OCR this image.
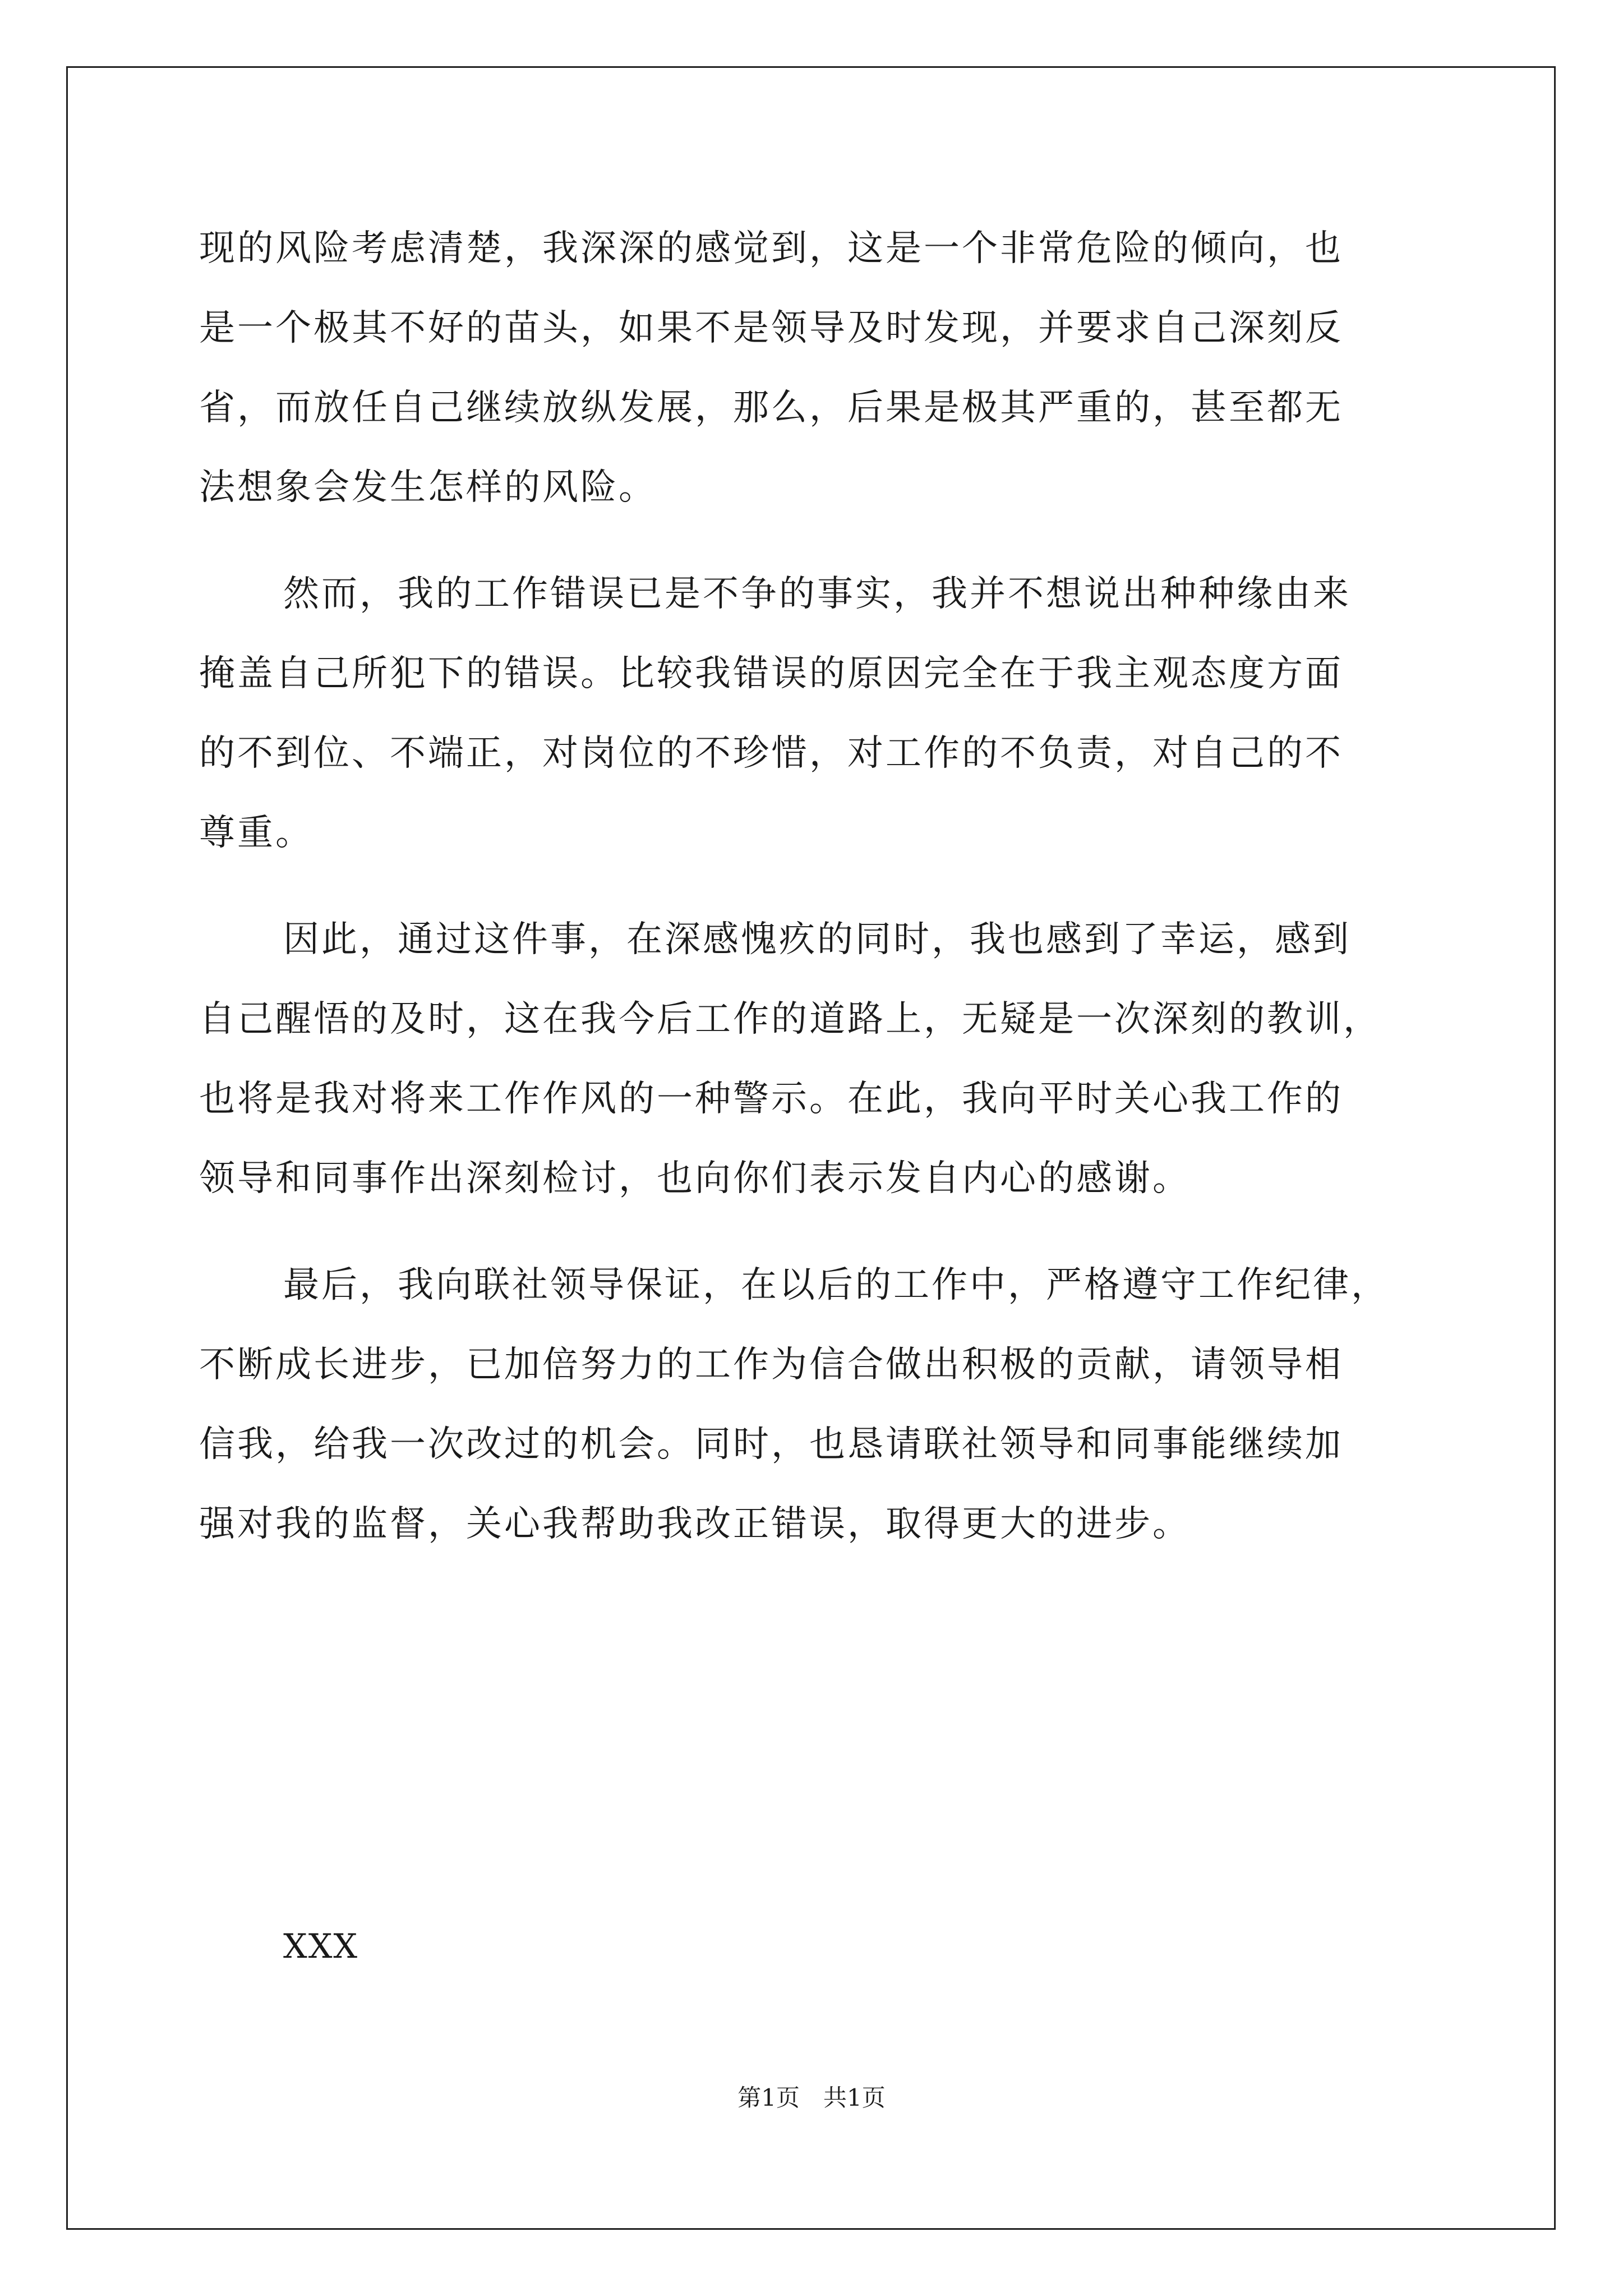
现的风险考虑清楚，我深深的感觉到，这是一个非常危险的倾向，也
是一个极其不好的苗头，如果不是领导及时发现，并要求自己深刻反
省，而放任自己继续放纵发展，那么，后果是极其严重的，甚至都无
法想象会发生怎样的风险。
然而，我的工作错误已是不争的事实，我并不想说出种种缘由来
掩盖自己所犯下的错误。比较我错误的原因完全在于我主观态度方面
的不到位、不端正，对岗位的不珍惜，对工作的不负责，对自己的不
尊重。
因此，通过这件事，在深感愧疚的同时，我也感到了幸运，感到
自己醒悟的及时，这在我今后工作的道路上，无疑是一次深刻的教训，
也将是我对将来工作作风的一种警示。在此，我向平时关心我工作的
领导和同事作出深刻检讨，也向你们表示发自内心的感谢。
最后，我向联社领导保证，在以后的工作中，严格遵守工作纪律，
不断成长进步，已加倍努力的工作为信合做出积极的贡献，请领导相
信我，给我一次改过的机会。同时，也恳请联社领导和同事能继续加
强对我的监督，关心我帮助我改正错误，取得更大的进步。
XXX
第1页　共1页
